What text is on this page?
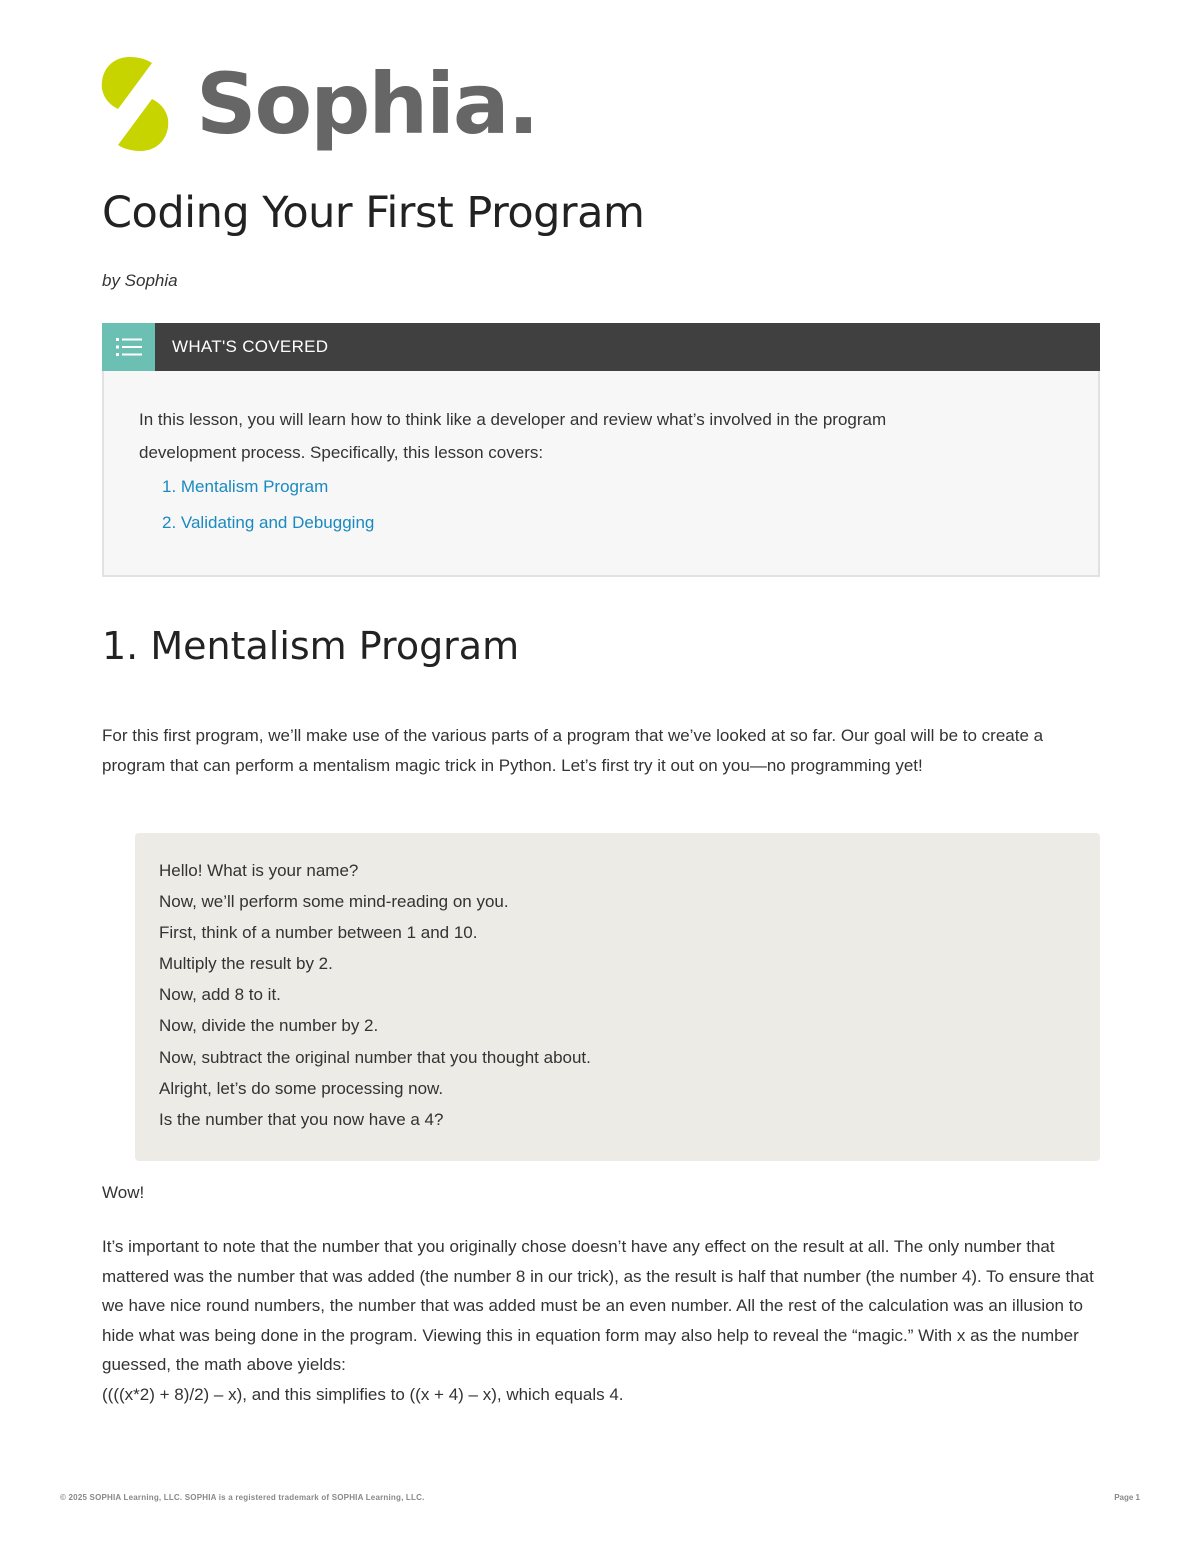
Sophia.
Coding Your First Program
by Sophia
WHAT'S COVERED
In this lesson, you will learn how to think like a developer and review what’s involved in the program
development process. Specifically, this lesson covers:
1. Mentalism Program
2. Validating and Debugging
1. Mentalism Program

For this first program, we’ll make use of the various parts of a program that we’ve looked at so far. Our goal will be to create a program that can perform a mentalism magic trick in Python. Let’s first try it out on you—no programming yet!

Hello! What is your name?
Now, we’ll perform some mind-reading on you.
First, think of a number between 1 and 10.
Multiply the result by 2.
Now, add 8 to it.
Now, divide the number by 2.
Now, subtract the original number that you thought about.
Alright, let’s do some processing now.
Is the number that you now have a 4?

Wow!

It’s important to note that the number that you originally chose doesn’t have any effect on the result at all. The only number that mattered was the number that was added (the number 8 in our trick), as the result is half that number (the number 4). To ensure that we have nice round numbers, the number that was added must be an even number. All the rest of the calculation was an illusion to hide what was being done in the program. Viewing this in equation form may also help to reveal the “magic.” With x as the number guessed, the math above yields:
((((x*2) + 8)/2) – x), and this simplifies to ((x + 4) – x), which equals 4.
© 2025 SOPHIA Learning, LLC. SOPHIA is a registered trademark of SOPHIA Learning, LLC.	Page 1
